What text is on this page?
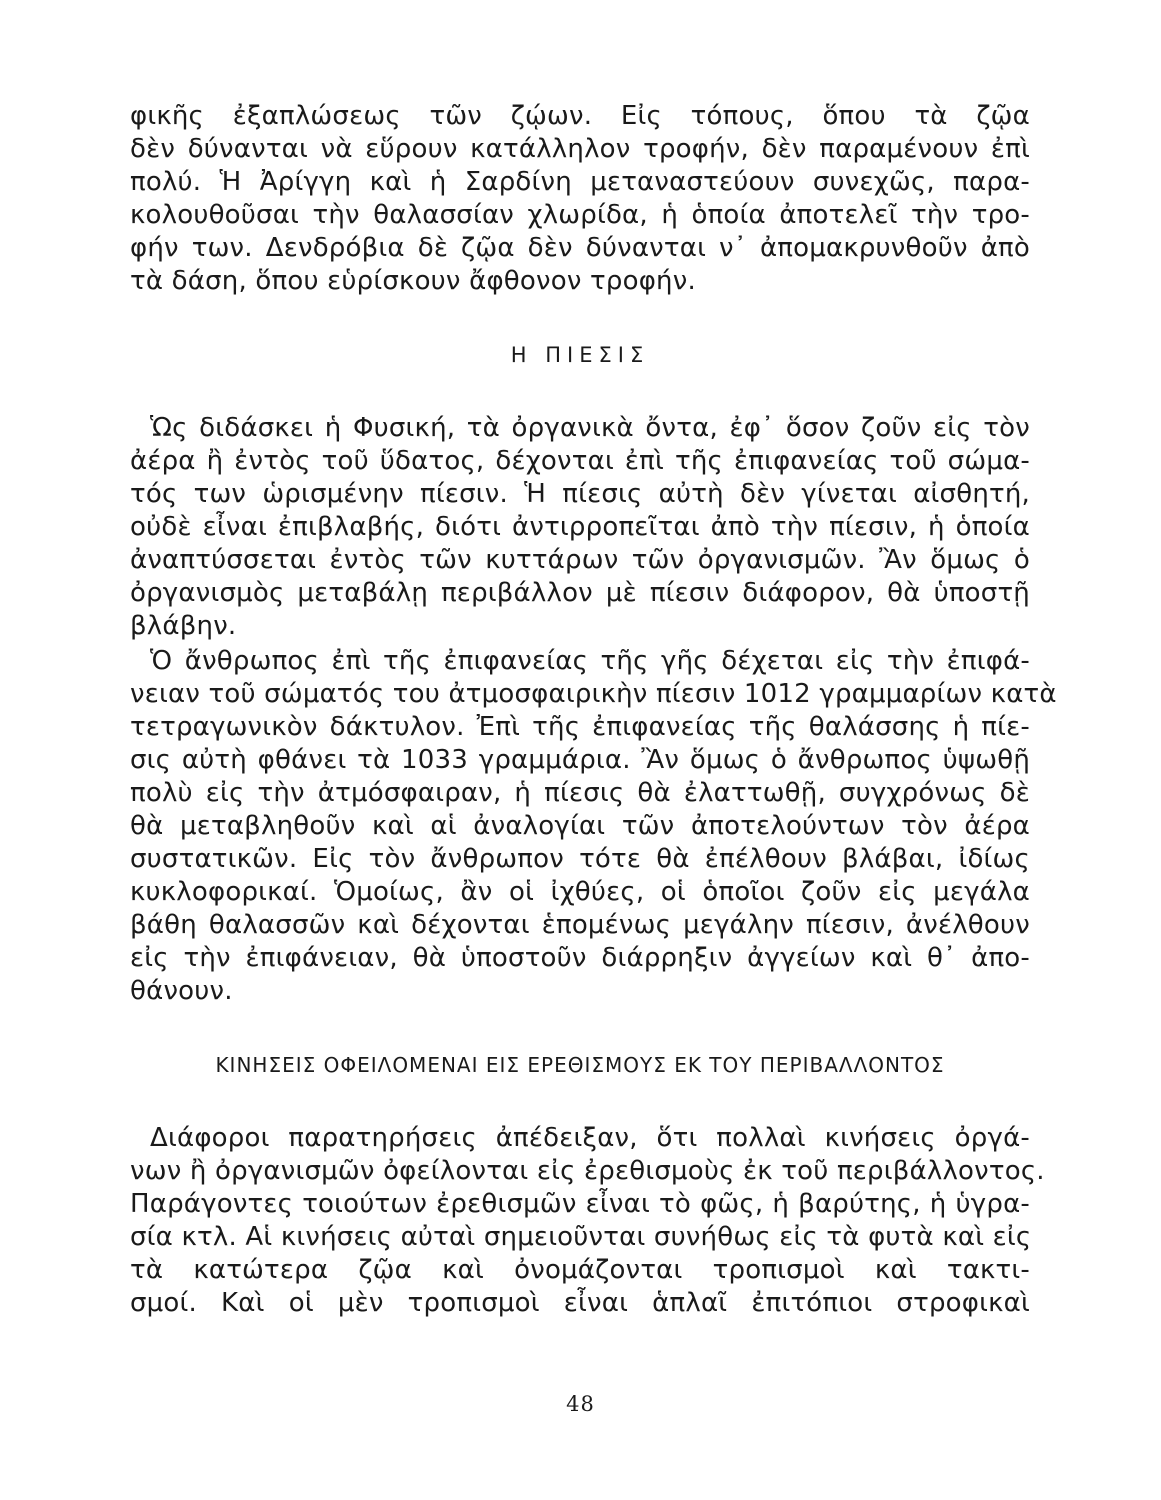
φικῆς ἐξαπλώσεως τῶν ζῴων. Εἰς τόπους, ὅπου τὰ ζῷα
δὲν δύνανται νὰ εὕρουν κατάλληλον τροφήν, δὲν παραμένουν ἐπὶ
πολύ. Ἡ Ἀρίγγη καὶ ἡ Σαρδίνη μεταναστεύουν συνεχῶς, παρα-
κολουθοῦσαι τὴν θαλασσίαν χλωρίδα, ἡ ὁποία ἀποτελεῖ τὴν τρο-
φήν των. Δενδρόβια δὲ ζῷα δὲν δύνανται ν᾿ ἀπομακρυνθοῦν ἀπὸ
τὰ δάση, ὅπου εὑρίσκουν ἄφθονον τροφήν.
Η ΠΙΕΣΙΣ
Ὡς διδάσκει ἡ Φυσική, τὰ ὀργανικὰ ὄντα, ἐφ᾿ ὅσον ζοῦν εἰς τὸν
ἀέρα ἢ ἐντὸς τοῦ ὕδατος, δέχονται ἐπὶ τῆς ἐπιφανείας τοῦ σώμα-
τός των ὡρισμένην πίεσιν. Ἡ πίεσις αὐτὴ δὲν γίνεται αἰσθητή,
οὐδὲ εἶναι ἐπιβλαβής, διότι ἀντιρροπεῖται ἀπὸ τὴν πίεσιν, ἡ ὁποία
ἀναπτύσσεται ἐντὸς τῶν κυττάρων τῶν ὀργανισμῶν. Ἂν ὅμως ὁ
ὀργανισμὸς μεταβάλῃ περιβάλλον μὲ πίεσιν διάφορον, θὰ ὑποστῇ
βλάβην.
Ὁ ἄνθρωπος ἐπὶ τῆς ἐπιφανείας τῆς γῆς δέχεται εἰς τὴν ἐπιφά-
νειαν τοῦ σώματός του ἀτμοσφαιρικὴν πίεσιν 1012 γραμμαρίων κατὰ
τετραγωνικὸν δάκτυλον. Ἐπὶ τῆς ἐπιφανείας τῆς θαλάσσης ἡ πίε-
σις αὐτὴ φθάνει τὰ 1033 γραμμάρια. Ἂν ὅμως ὁ ἄνθρωπος ὑψωθῇ
πολὺ εἰς τὴν ἀτμόσφαιραν, ἡ πίεσις θὰ ἐλαττωθῇ, συγχρόνως δὲ
θὰ μεταβληθοῦν καὶ αἱ ἀναλογίαι τῶν ἀποτελούντων τὸν ἀέρα
συστατικῶν. Εἰς τὸν ἄνθρωπον τότε θὰ ἐπέλθουν βλάβαι, ἰδίως
κυκλοφορικαί. Ὁμοίως, ἂν οἱ ἰχθύες, οἱ ὁποῖοι ζοῦν εἰς μεγάλα
βάθη θαλασσῶν καὶ δέχονται ἑπομένως μεγάλην πίεσιν, ἀνέλθουν
εἰς τὴν ἐπιφάνειαν, θὰ ὑποστοῦν διάρρηξιν ἀγγείων καὶ θ᾿ ἀπο-
θάνουν.
ΚΙΝΗΣΕΙΣ ΟΦΕΙΛΟΜΕΝΑΙ ΕΙΣ ΕΡΕΘΙΣΜΟΥΣ ΕΚ ΤΟΥ ΠΕΡΙΒΑΛΛΟΝΤΟΣ
Διάφοροι παρατηρήσεις ἀπέδειξαν, ὅτι πολλαὶ κινήσεις ὀργά-
νων ἢ ὀργανισμῶν ὀφείλονται εἰς ἐρεθισμοὺς ἐκ τοῦ περιβάλλοντος.
Παράγοντες τοιούτων ἐρεθισμῶν εἶναι τὸ φῶς, ἡ βαρύτης, ἡ ὑγρα-
σία κτλ. Αἱ κινήσεις αὐταὶ σημειοῦνται συνήθως εἰς τὰ φυτὰ καὶ εἰς
τὰ κατώτερα ζῷα καὶ ὀνομάζονται τροπισμοὶ καὶ τακτι-
σμοί. Καὶ οἱ μὲν τροπισμοὶ εἶναι ἁπλαῖ ἐπιτόπιοι στροφικαὶ
48
